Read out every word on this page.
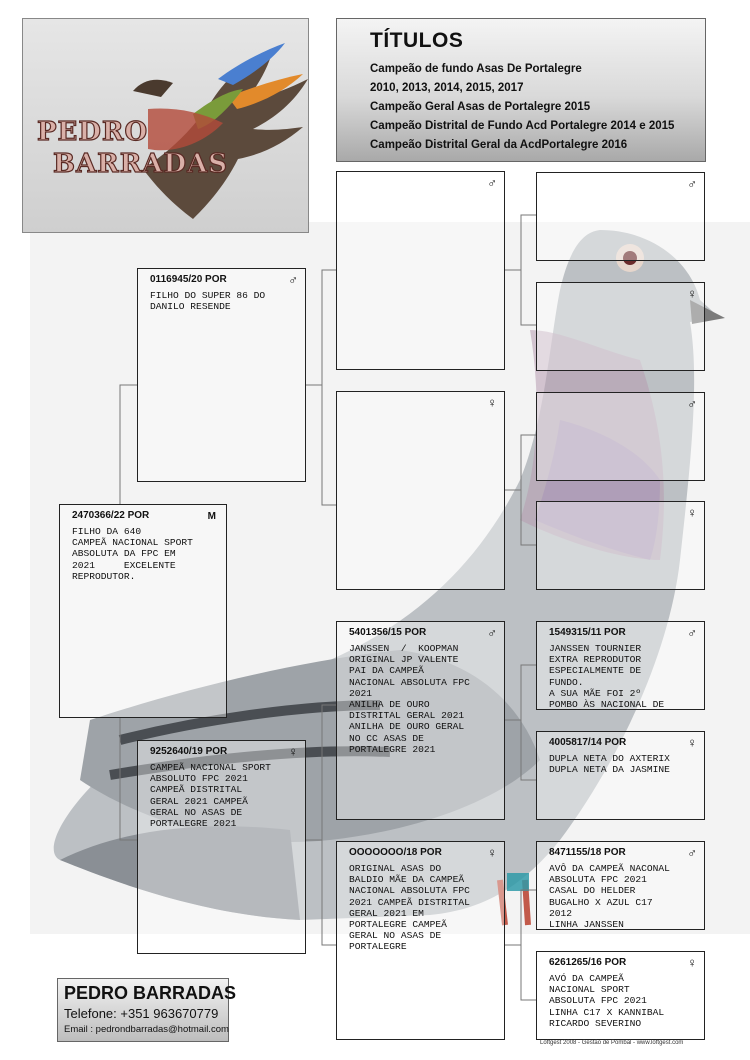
PEDRO
BARRADAS
TÍTULOS
Campeão de fundo Asas De Portalegre
2010, 2013, 2014, 2015, 2017
Campeão Geral Asas de Portalegre 2015
Campeão Distrital de Fundo Acd Portalegre 2014 e 2015
Campeão Distrital Geral da AcdPortalegre 2016
2470366/22 POR	M
FILHO DA 640
CAMPEÃ NACIONAL SPORT
ABSOLUTA DA FPC EM
2021     EXCELENTE
REPRODUTOR.
0116945/20 POR	♂
FILHO DO SUPER 86 DO
DANILO RESENDE
9252640/19 POR	♀
CAMPEÃ NACIONAL SPORT
ABSOLUTO FPC 2021
CAMPEÃ DISTRITAL
GERAL 2021 CAMPEÃ
GERAL NO ASAS DE
PORTALEGRE 2021
♂
♀
5401356/15 POR	♂
JANSSEN  /  KOOPMAN
ORIGINAL JP VALENTE
PAI DA CAMPEÃ
NACIONAL ABSOLUTA FPC
2021
ANILHA DE OURO
DISTRITAL GERAL 2021
ANILHA DE OURO GERAL
NO CC ASAS DE
PORTALEGRE 2021
OOOOOOO/18 POR	♀
ORIGINAL ASAS DO
BALDIO MÃE DA CAMPEÃ
NACIONAL ABSOLUTA FPC
2021 CAMPEÃ DISTRITAL
GERAL 2021 EM
PORTALEGRE CAMPEÃ
GERAL NO ASAS DE
PORTALEGRE
♂
♀
♂
♀
1549315/11 POR	♂
JANSSEN TOURNIER
EXTRA REPRODUTOR
ESPECIALMENTE DE
FUNDO.
A SUA MÃE FOI 2º
POMBO ÀS NACIONAL DE
4005817/14 POR	♀
DUPLA NETA DO AXTERIX
DUPLA NETA DA JASMINE
8471155/18 POR	♂
AVÔ DA CAMPEÃ NACONAL
ABSOLUTA FPC 2021
CASAL DO HELDER
BUGALHO X AZUL C17
2012
LINHA JANSSEN
6261265/16 POR	♀
AVÓ DA CAMPEÃ
NACIONAL SPORT
ABSOLUTA FPC 2021
LINHA C17 X KANNIBAL
RICARDO SEVERINO
PEDRO BARRADAS
Telefone: +351 963670779
Email : pedrondbarradas@hotmail.com
Loftgest 2008 - Gestão de Pombal - www.loftgest.com
